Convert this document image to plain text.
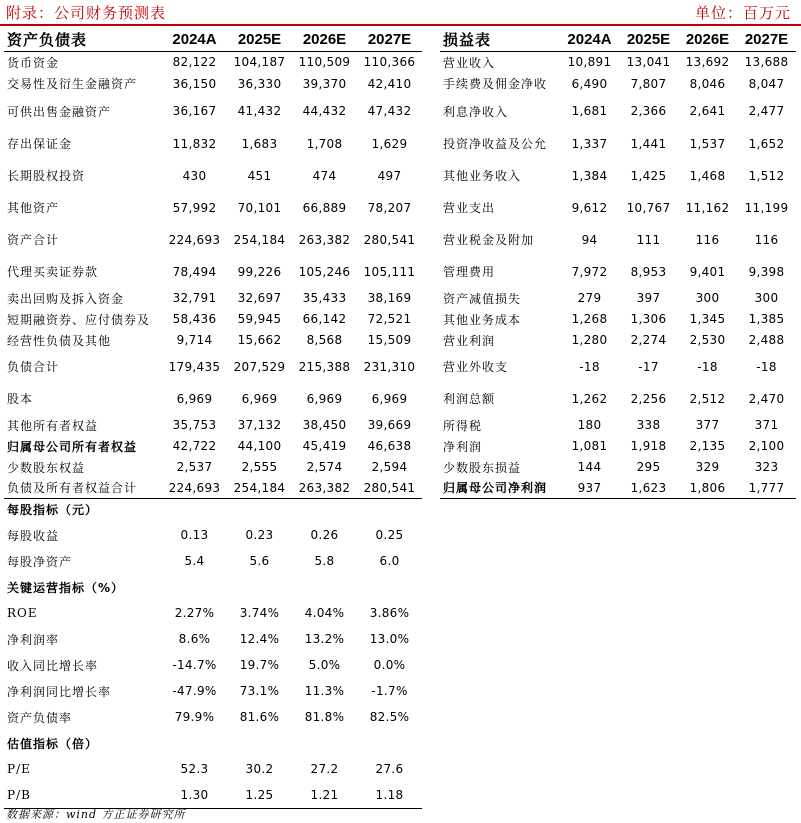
附录：公司财务预测表	单位：百万元
资产负债表	2024A	2025E	2026E	2027E
货币资金	82,122	104,187	110,509	110,366
交易性及衍生金融资产	36,150	36,330	39,370	42,410
可供出售金融资产	36,167	41,432	44,432	47,432
存出保证金	11,832	1,683	1,708	1,629
长期股权投资	430	451	474	497
其他资产	57,992	70,101	66,889	78,207
资产合计	224,693	254,184	263,382	280,541
代理买卖证券款	78,494	99,226	105,246	105,111
卖出回购及拆入资金	32,791	32,697	35,433	38,169
短期融资券、应付债券及	58,436	59,945	66,142	72,521
经营性负债及其他	9,714	15,662	8,568	15,509
负债合计	179,435	207,529	215,388	231,310
股本	6,969	6,969	6,969	6,969
其他所有者权益	35,753	37,132	38,450	39,669
归属母公司所有者权益	42,722	44,100	45,419	46,638
少数股东权益	2,537	2,555	2,574	2,594
负债及所有者权益合计	224,693	254,184	263,382	280,541
损益表	2024A	2025E	2026E	2027E
营业收入	10,891	13,041	13,692	13,688
手续费及佣金净收	6,490	7,807	8,046	8,047
利息净收入	1,681	2,366	2,641	2,477
投资净收益及公允	1,337	1,441	1,537	1,652
其他业务收入	1,384	1,425	1,468	1,512
营业支出	9,612	10,767	11,162	11,199
营业税金及附加	94	111	116	116
管理费用	7,972	8,953	9,401	9,398
资产减值损失	279	397	300	300
其他业务成本	1,268	1,306	1,345	1,385
营业利润	1,280	2,274	2,530	2,488
营业外收支	-18	-17	-18	-18
利润总额	1,262	2,256	2,512	2,470
所得税	180	338	377	371
净利润	1,081	1,918	2,135	2,100
少数股东损益	144	295	329	323
归属母公司净利润	937	1,623	1,806	1,777
每股指标（元）				
每股收益	0.13	0.23	0.26	0.25
每股净资产	5.4	5.6	5.8	6.0
关键运营指标（%）				
ROE	2.27%	3.74%	4.04%	3.86%
净利润率	8.6%	12.4%	13.2%	13.0%
收入同比增长率	-14.7%	19.7%	5.0%	0.0%
净利润同比增长率	-47.9%	73.1%	11.3%	-1.7%
资产负债率	79.9%	81.6%	81.8%	82.5%
估值指标（倍）				
P/E	52.3	30.2	27.2	27.6
P/B	1.30	1.25	1.21	1.18
数据来源：wind 方正证券研究所
